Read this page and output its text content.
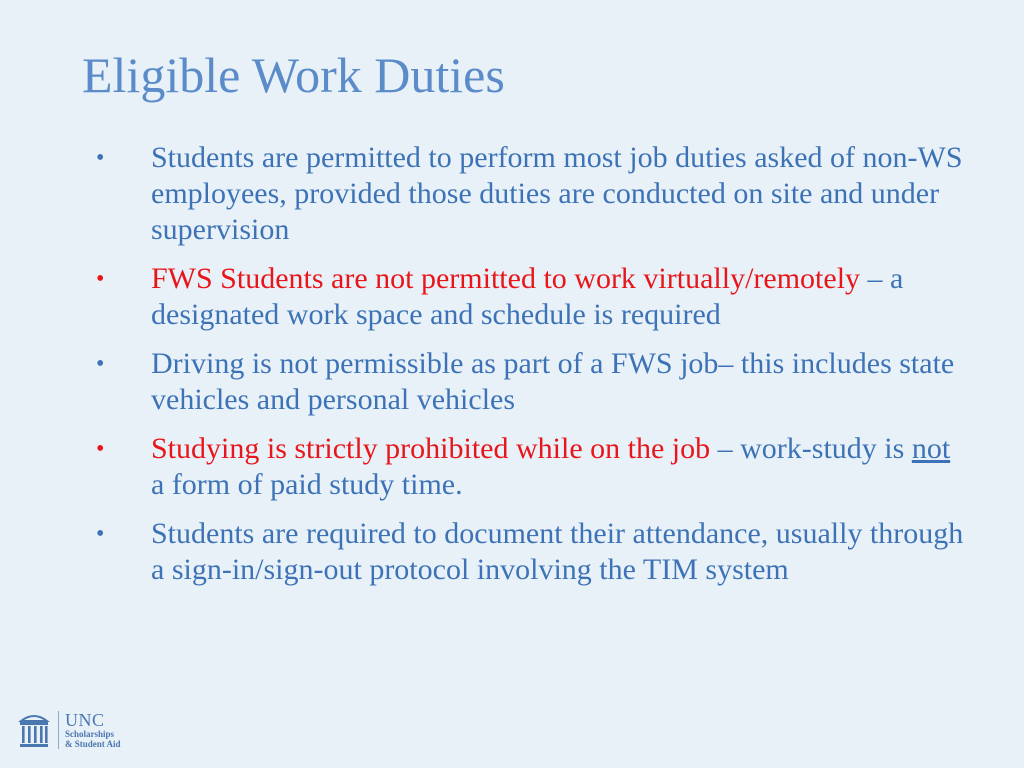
Eligible Work Duties
• Students are permitted to perform most job duties asked of non-WS employees, provided those duties are conducted on site and under supervision
• FWS Students are not permitted to work virtually/remotely – a designated work space and schedule is required
• Driving is not permissible as part of a FWS job– this includes state vehicles and personal vehicles
• Studying is strictly prohibited while on the job – work-study is not a form of paid study time.
• Students are required to document their attendance, usually through a sign-in/sign-out protocol involving the TIM system
UNC
Scholarships
& Student Aid
